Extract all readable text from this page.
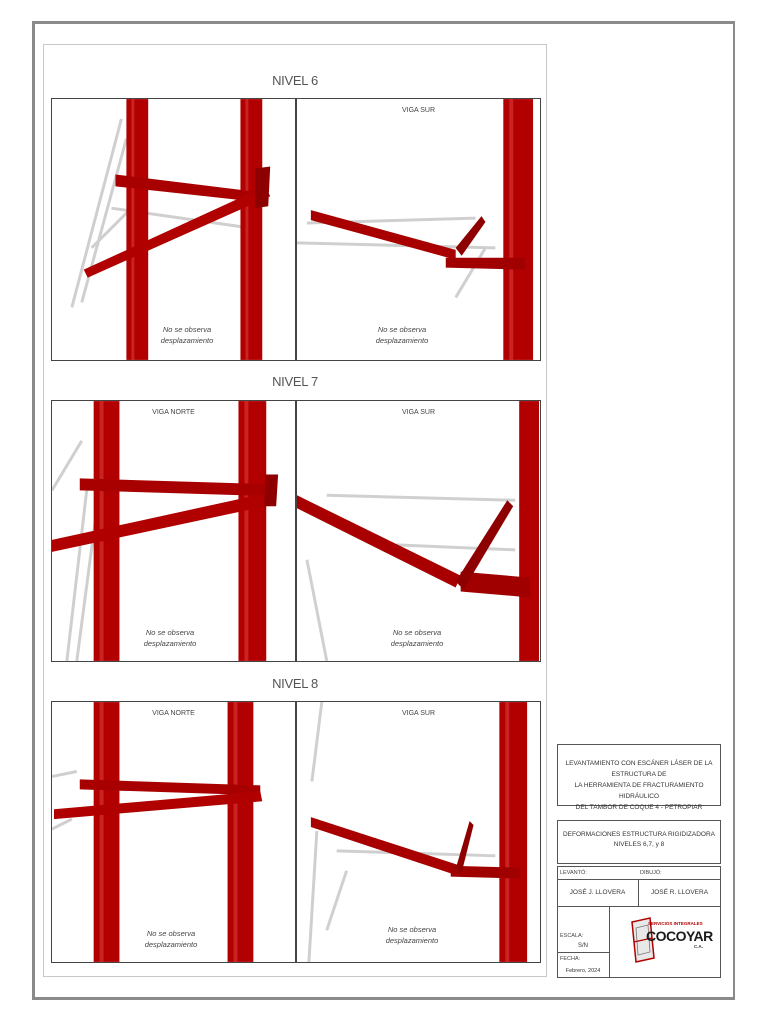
NIVEL 6
No se observa
desplazamiento
VIGA SUR
No se observa
desplazamiento
NIVEL 7
VIGA NORTE
No se observa
desplazamiento
VIGA SUR
No se observa
desplazamiento
NIVEL 8
VIGA NORTE
No se observa
desplazamiento
VIGA SUR
No se observa
desplazamiento
LEVANTAMIENTO CON ESCÁNER LÁSER DE LA ESTRUCTURA DE
LA HERRAMIENTA DE FRACTURAMIENTO HIDRÁULICO
DEL TAMBOR DE COQUE 4 - PETROPIAR
DEFORMACIONES ESTRUCTURA RIGIDIZADORA
NIVELES 6,7, y 8
LEVANTÓ:	DIBUJÓ:
JOSÉ J. LLOVERA	JOSÉ R. LLOVERA
ESCALA:
S/N
FECHA:
Febrero, 2024
SERVICIOS INTEGRALES
COCOYAR
C.A.
